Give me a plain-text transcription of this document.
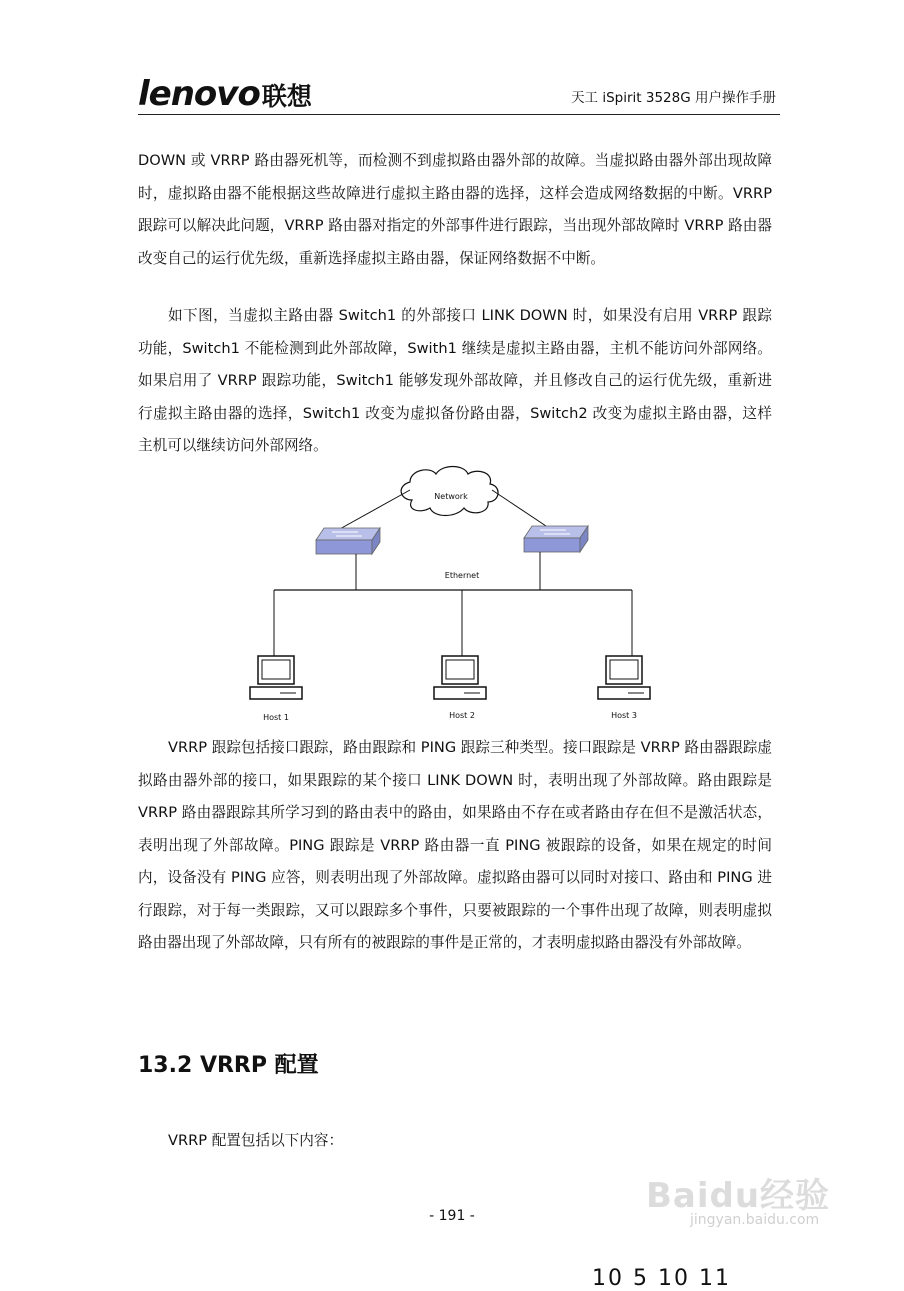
lenovo联想	天工 iSpirit 3528G 用户操作手册

DOWN 或 VRRP 路由器死机等，而检测不到虚拟路由器外部的故障。当虚拟路由器外部出现故障时，虚拟路由器不能根据这些故障进行虚拟主路由器的选择，这样会造成网络数据的中断。VRRP 跟踪可以解决此问题，VRRP 路由器对指定的外部事件进行跟踪，当出现外部故障时 VRRP 路由器改变自己的运行优先级，重新选择虚拟主路由器，保证网络数据不中断。

如下图，当虚拟主路由器 Switch1 的外部接口 LINK DOWN 时，如果没有启用 VRRP 跟踪功能，Switch1 不能检测到此外部故障，Swith1 继续是虚拟主路由器，主机不能访问外部网络。如果启用了 VRRP 跟踪功能，Switch1 能够发现外部故障，并且修改自己的运行优先级，重新进行虚拟主路由器的选择，Switch1 改变为虚拟备份路由器，Switch2 改变为虚拟主路由器，这样主机可以继续访问外部网络。

Network
Ethernet
Host 1	Host 2	Host 3

VRRP 跟踪包括接口跟踪，路由跟踪和 PING 跟踪三种类型。接口跟踪是 VRRP 路由器跟踪虚拟路由器外部的接口，如果跟踪的某个接口 LINK DOWN 时，表明出现了外部故障。路由跟踪是 VRRP 路由器跟踪其所学习到的路由表中的路由，如果路由不存在或者路由存在但不是激活状态，表明出现了外部故障。PING 跟踪是 VRRP 路由器一直 PING 被跟踪的设备，如果在规定的时间内，设备没有 PING 应答，则表明出现了外部故障。虚拟路由器可以同时对接口、路由和 PING 进行跟踪，对于每一类跟踪，又可以跟踪多个事件，只要被跟踪的一个事件出现了故障，则表明虚拟路由器出现了外部故障，只有所有的被跟踪的事件是正常的，才表明虚拟路由器没有外部故障。

13.2 VRRP 配置

VRRP 配置包括以下内容：

Baidu经验
jingyan.baidu.com
- 191 -
10 5 10 11
